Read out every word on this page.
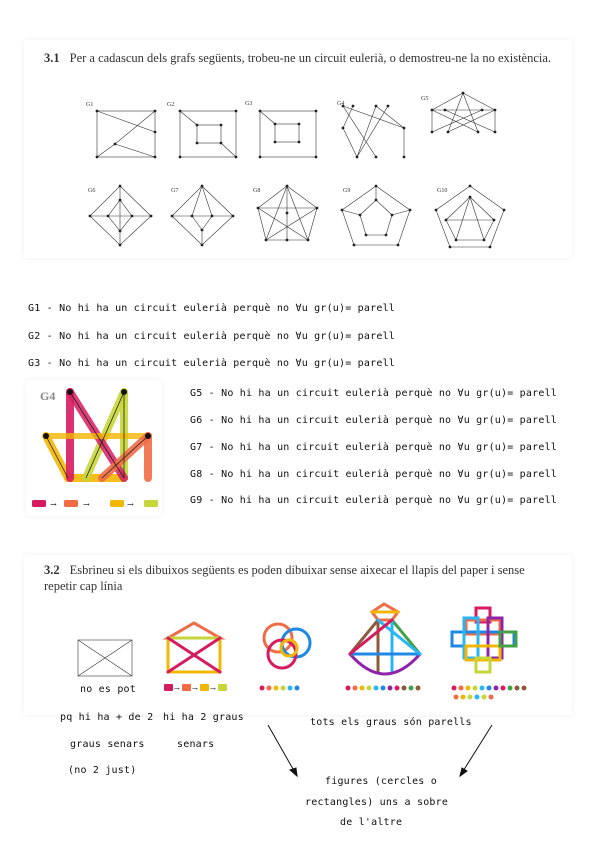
3.1 Per a cadascun dels grafs següents, trobeu-ne un circuit eulerià, o demostreu-ne la no existència.
G1	G2	G3	G4
G5
G6	G7	G8	G9	G10
G1 - No hi ha un circuit eulerià perquè no ∀u gr(u)= parell
G2 - No hi ha un circuit eulerià perquè no ∀u gr(u)= parell
G3 - No hi ha un circuit eulerià perquè no ∀u gr(u)= parell
G4
→	→	→
G5 - No hi ha un circuit eulerià perquè no ∀u gr(u)= parell
G6 - No hi ha un circuit eulerià perquè no ∀u gr(u)= parell
G7 - No hi ha un circuit eulerià perquè no ∀u gr(u)= parell
G8 - No hi ha un circuit eulerià perquè no ∀u gr(u)= parell
G9 - No hi ha un circuit eulerià perquè no ∀u gr(u)= parell
3.2 Esbrineu si els dibuixos següents es poden dibuixar sense aixecar el llapis del paper i sense repetir cap línia
→ → →
no es pot
pq hi ha + de 2
graus senars
(no 2 just)
hi ha 2 graus
senars
tots els graus són parells
figures (cercles o
rectangles) uns a sobre
de l'altre
